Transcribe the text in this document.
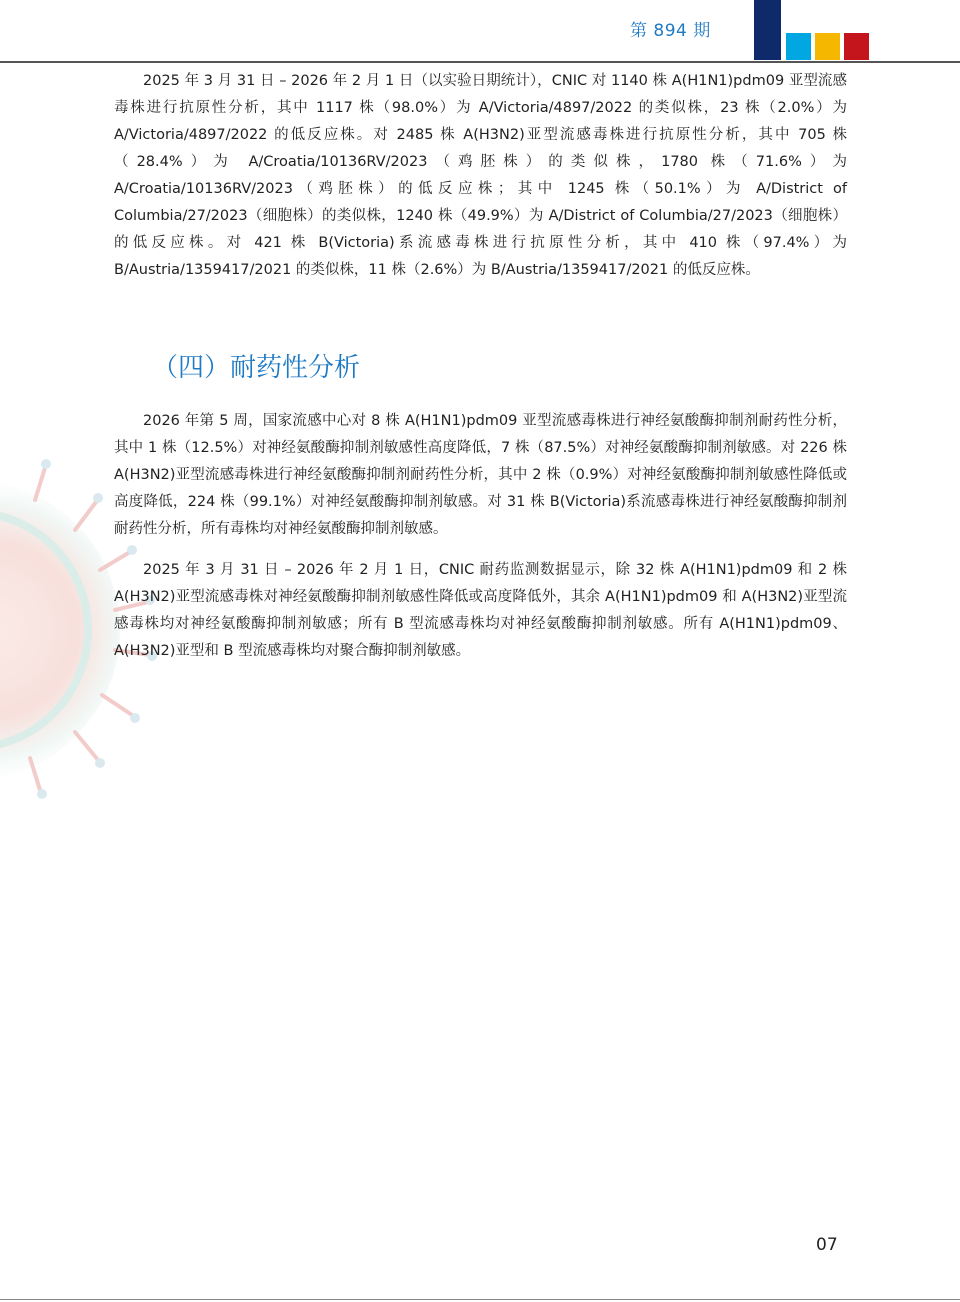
第 894 期

2025 年 3 月 31 日 – 2026 年 2 月 1 日（以实验日期统计），CNIC 对 1140 株 A(H1N1)pdm09 亚型流感毒株进行抗原性分析，其中 1117 株（98.0%）为 A/Victoria/4897/2022 的类似株，23 株（2.0%）为 A/Victoria/4897/2022 的低反应株。对 2485 株 A(H3N2)亚型流感毒株进行抗原性分析，其中 705 株（28.4%）为 A/Croatia/10136RV/2023（鸡胚株）的类似株，1780 株（71.6%）为 A/Croatia/10136RV/2023（鸡胚株）的低反应株；其中 1245 株（50.1%）为 A/District of Columbia/27/2023（细胞株）的类似株，1240 株（49.9%）为 A/District of Columbia/27/2023（细胞株）的低反应株。对 421 株 B(Victoria)系流感毒株进行抗原性分析，其中 410 株（97.4%）为 B/Austria/1359417/2021 的类似株，11 株（2.6%）为 B/Austria/1359417/2021 的低反应株。

（四）耐药性分析

2026 年第 5 周，国家流感中心对 8 株 A(H1N1)pdm09 亚型流感毒株进行神经氨酸酶抑制剂耐药性分析，其中 1 株（12.5%）对神经氨酸酶抑制剂敏感性高度降低，7 株（87.5%）对神经氨酸酶抑制剂敏感。对 226 株 A(H3N2)亚型流感毒株进行神经氨酸酶抑制剂耐药性分析，其中 2 株（0.9%）对神经氨酸酶抑制剂敏感性降低或高度降低，224 株（99.1%）对神经氨酸酶抑制剂敏感。对 31 株 B(Victoria)系流感毒株进行神经氨酸酶抑制剂耐药性分析，所有毒株均对神经氨酸酶抑制剂敏感。

2025 年 3 月 31 日 – 2026 年 2 月 1 日，CNIC 耐药监测数据显示，除 32 株 A(H1N1)pdm09 和 2 株 A(H3N2)亚型流感毒株对神经氨酸酶抑制剂敏感性降低或高度降低外，其余 A(H1N1)pdm09 和 A(H3N2)亚型流感毒株均对神经氨酸酶抑制剂敏感；所有 B 型流感毒株均对神经氨酸酶抑制剂敏感。所有 A(H1N1)pdm09、A(H3N2)亚型和 B 型流感毒株均对聚合酶抑制剂敏感。

07
